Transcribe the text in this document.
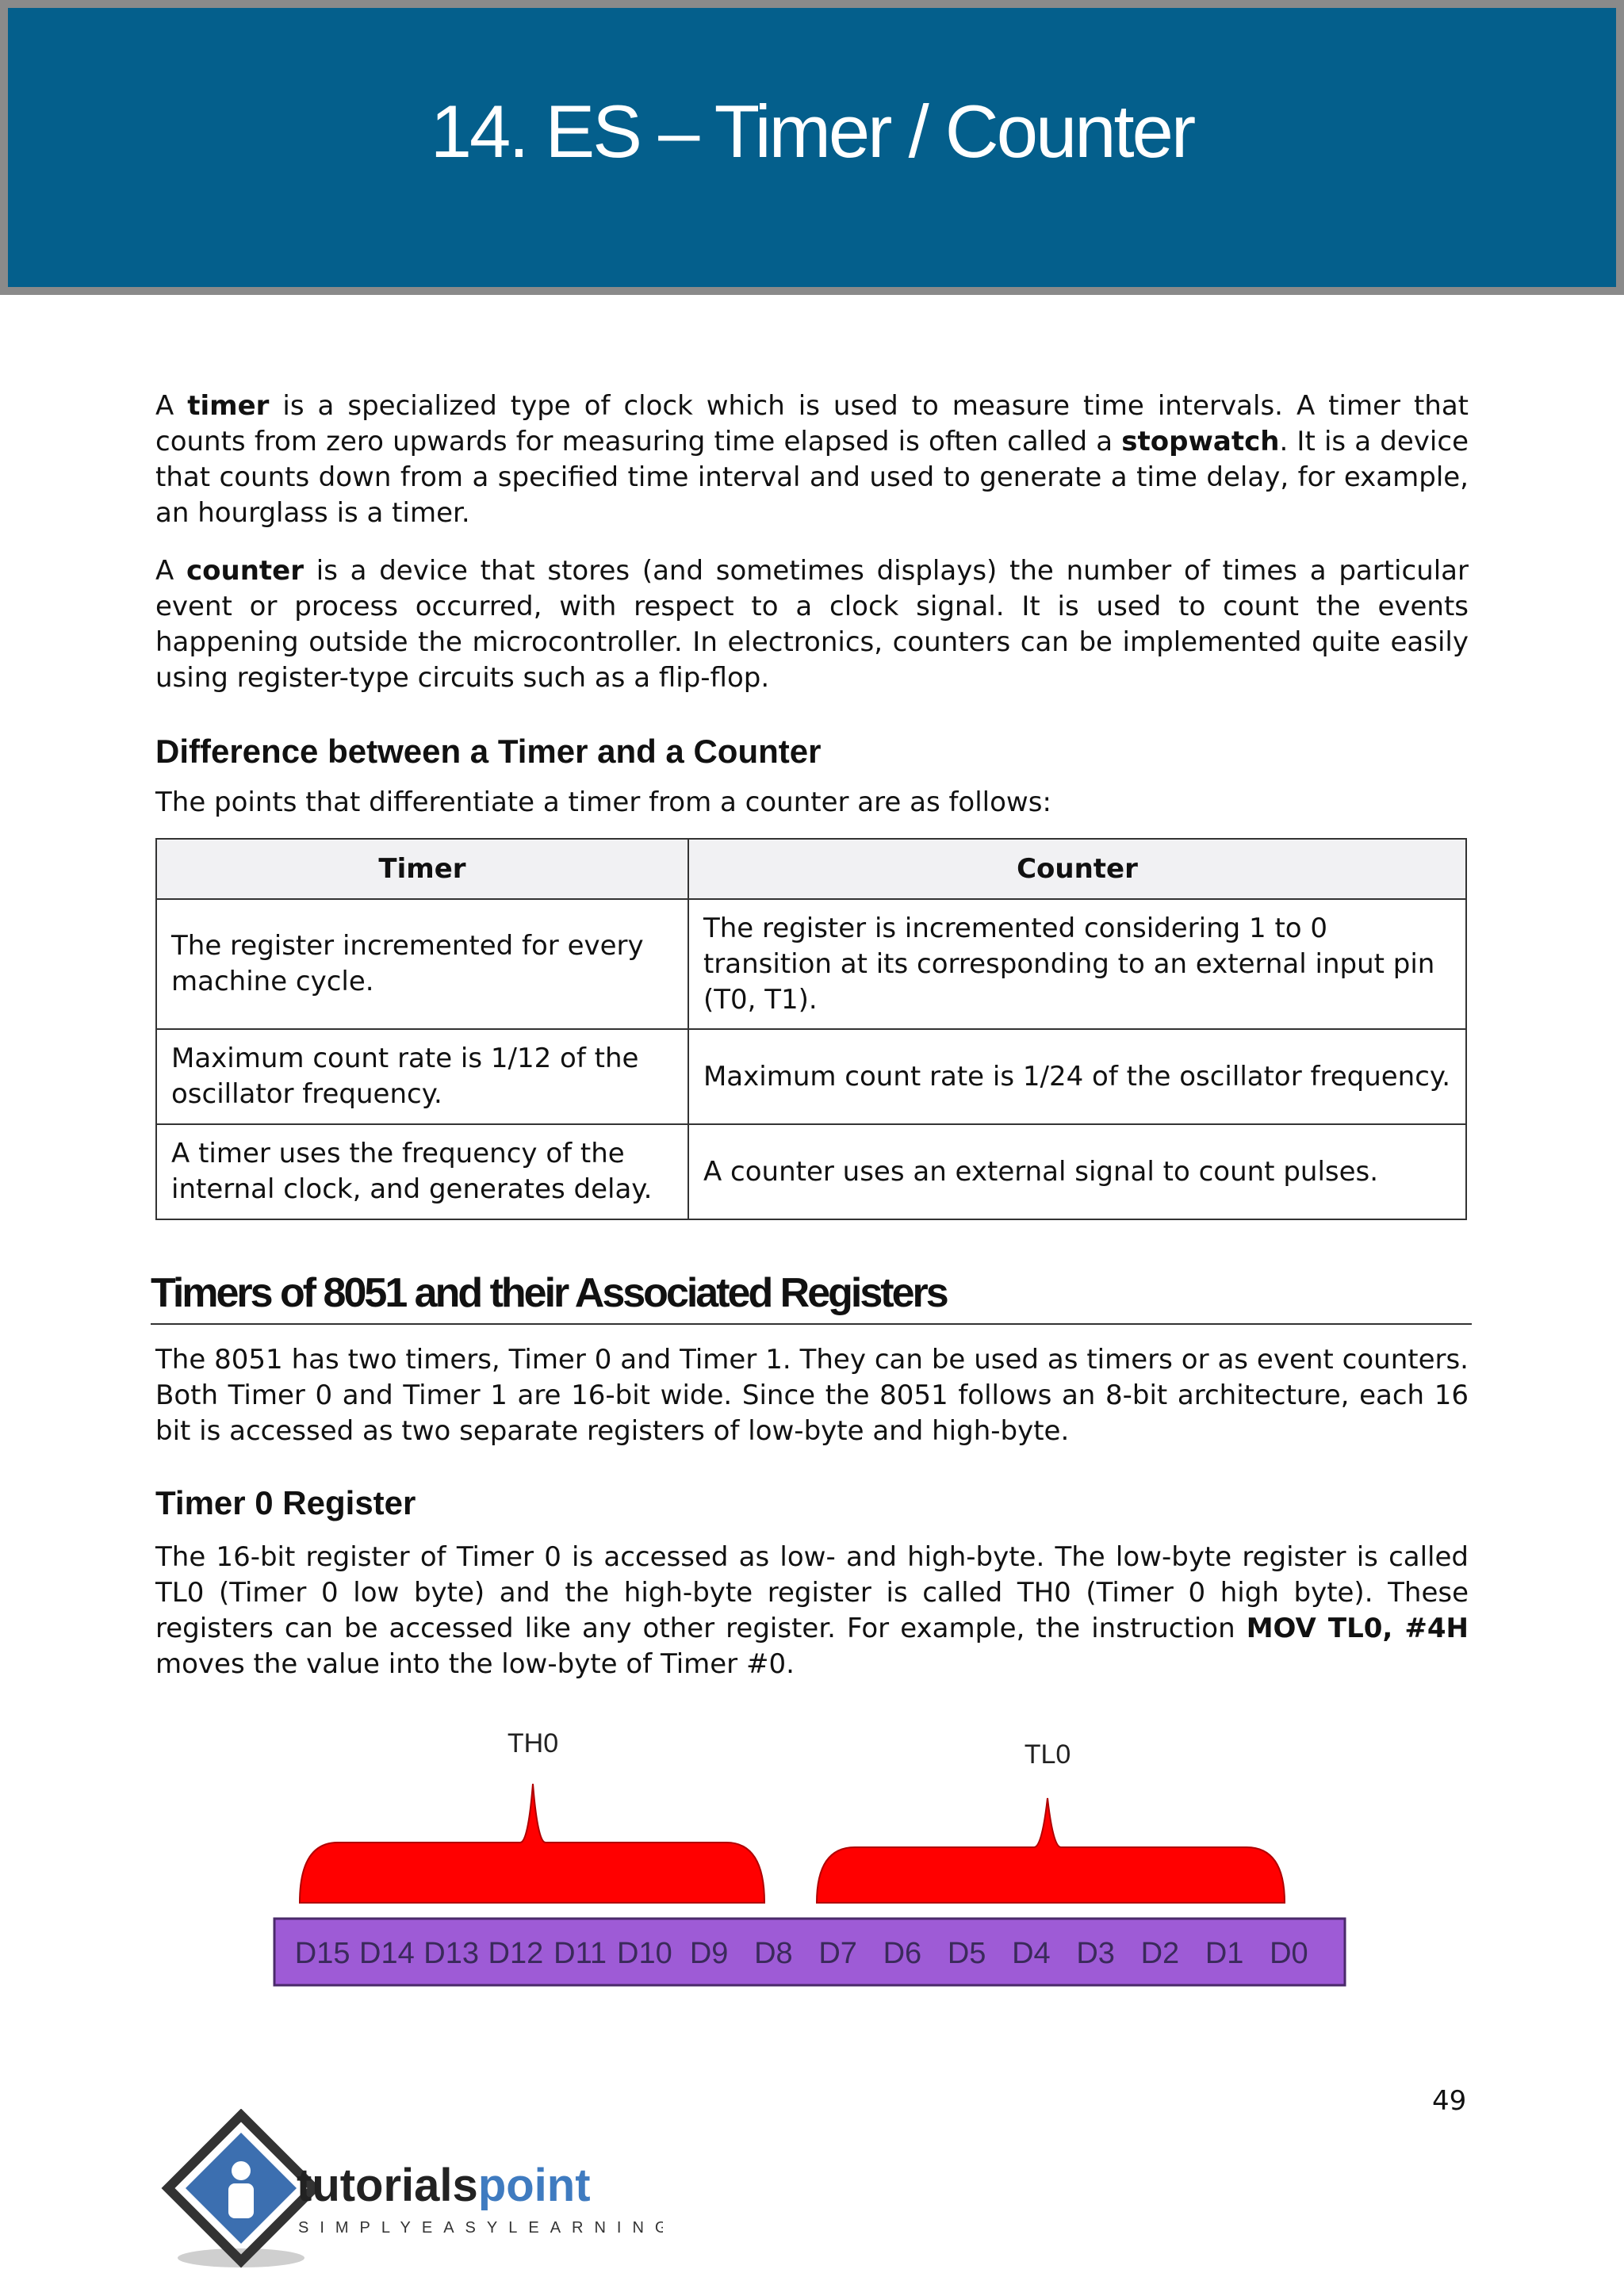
14. ES – Timer / Counter

A timer is a specialized type of clock which is used to measure time intervals. A timer that counts from zero upwards for measuring time elapsed is often called a stopwatch. It is a device that counts down from a specified time interval and used to generate a time delay, for example, an hourglass is a timer.

A counter is a device that stores (and sometimes displays) the number of times a particular event or process occurred, with respect to a clock signal. It is used to count the events happening outside the microcontroller. In electronics, counters can be implemented quite easily using register-type circuits such as a flip-flop.

Difference between a Timer and a Counter

The points that differentiate a timer from a counter are as follows:

Timer	Counter
The register incremented for every machine cycle.	The register is incremented considering 1 to 0 transition at its corresponding to an external input pin (T0, T1).
Maximum count rate is 1/12 of the oscillator frequency.	Maximum count rate is 1/24 of the oscillator frequency.
A timer uses the frequency of the internal clock, and generates delay.	A counter uses an external signal to count pulses.
Timers of 8051 and their Associated Registers

The 8051 has two timers, Timer 0 and Timer 1. They can be used as timers or as event counters. Both Timer 0 and Timer 1 are 16-bit wide. Since the 8051 follows an 8-bit architecture, each 16 bit is accessed as two separate registers of low-byte and high-byte.

Timer 0 Register

The 16-bit register of Timer 0 is accessed as low- and high-byte. The low-byte register is called TL0 (Timer 0 low byte) and the high-byte register is called TH0 (Timer 0 high byte). These registers can be accessed like any other register. For example, the instruction MOV TL0, #4H moves the value into the low-byte of Timer #0.

TH0	TL0
D15 D14 D13 D12 D11 D10 D9 D8 D7 D6 D5 D4 D3 D2 D1 D0
49
tutorialspoint
SIMPLYEASYLEARNING
